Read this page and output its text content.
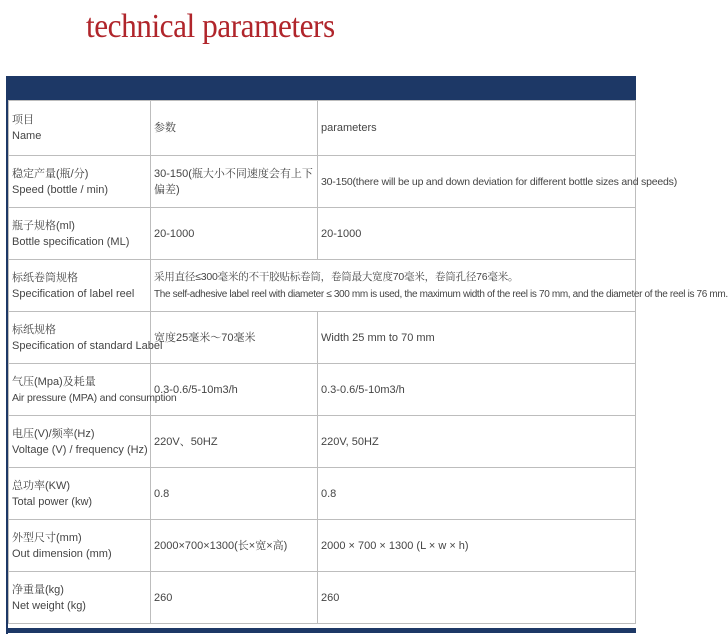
technical parameters
项目
Name	参数	parameters

稳定产量(瓶/分)
Speed (bottle / min)	30-150(瓶大小不同速度会有上下偏差)	30-150(there will be up and down deviation for different bottle sizes and speeds)

瓶子规格(ml)
Bottle specification (ML)	20-1000	20-1000

标纸卷筒规格
Specification of label reel	采用直径≤300毫米的不干胶贴标卷筒，卷筒最大宽度70毫米，卷筒孔径76毫米。
The self-adhesive label reel with diameter ≤ 300 mm is used, the maximum width of the reel is 70 mm, and the diameter of the reel is 76 mm.	

标纸规格
Specification of standard Label	宽度25毫米～70毫米	Width 25 mm to 70 mm

气压(Mpa)及耗量
Air pressure (MPA) and consumption	0.3-0.6/5-10m3/h	0.3-0.6/5-10m3/h

电压(V)/频率(Hz)
Voltage (V) / frequency (Hz)	220V、50HZ	220V, 50HZ

总功率(KW)
Total power (kw)	0.8	0.8

外型尺寸(mm)
Out dimension (mm)	2000×700×1300(长×宽×高)	2000 × 700 × 1300 (L × w × h)

净重量(kg)
Net weight (kg)	260	260
